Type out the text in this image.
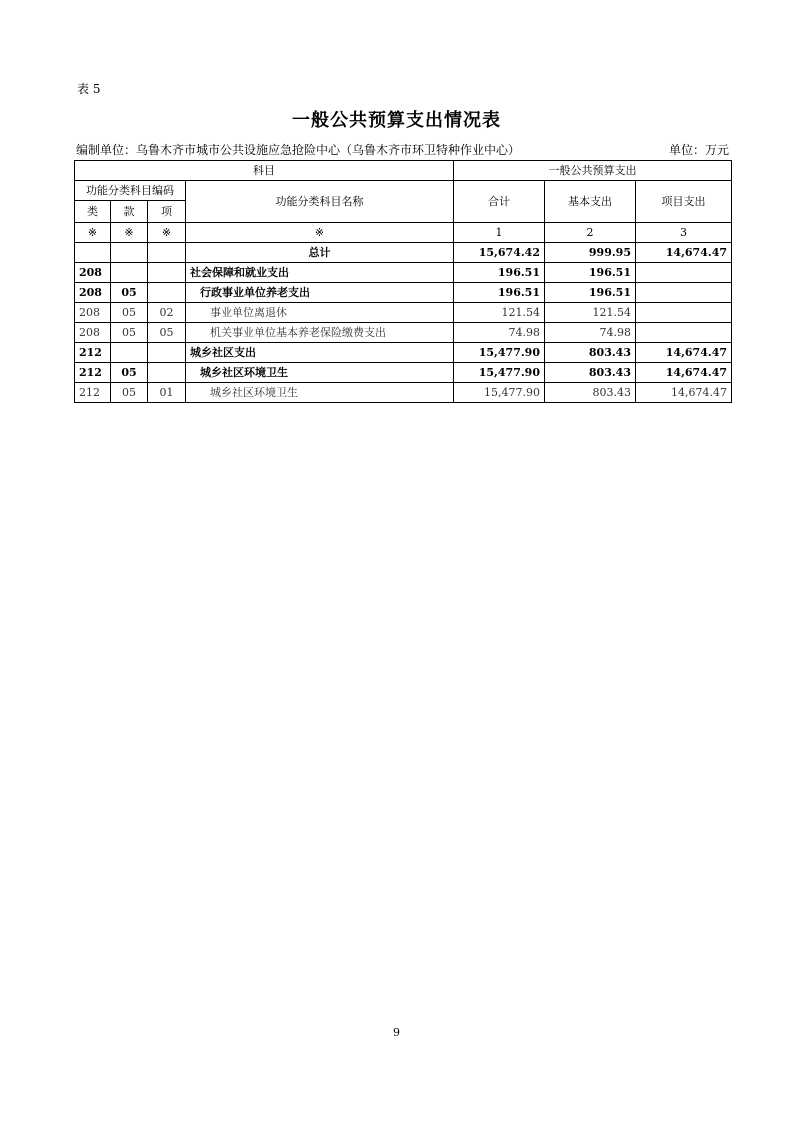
表 5
一般公共预算支出情况表
编制单位：乌鲁木齐市城市公共设施应急抢险中心（乌鲁木齐市环卫特种作业中心）	单位：万元
科目				一般公共预算支出		
功能分类科目编码			功能分类科目名称	合计	基本支出	项目支出
类	款	项				
※	※	※	※	1	2	3
			总计	15,674.42	999.95	14,674.47
208			社会保障和就业支出	196.51	196.51	
208	05		行政事业单位养老支出	196.51	196.51	
208	05	02	事业单位离退休	121.54	121.54	
208	05	05	机关事业单位基本养老保险缴费支出	74.98	74.98	
212			城乡社区支出	15,477.90	803.43	14,674.47
212	05		城乡社区环境卫生	15,477.90	803.43	14,674.47
212	05	01	城乡社区环境卫生	15,477.90	803.43	14,674.47
9
